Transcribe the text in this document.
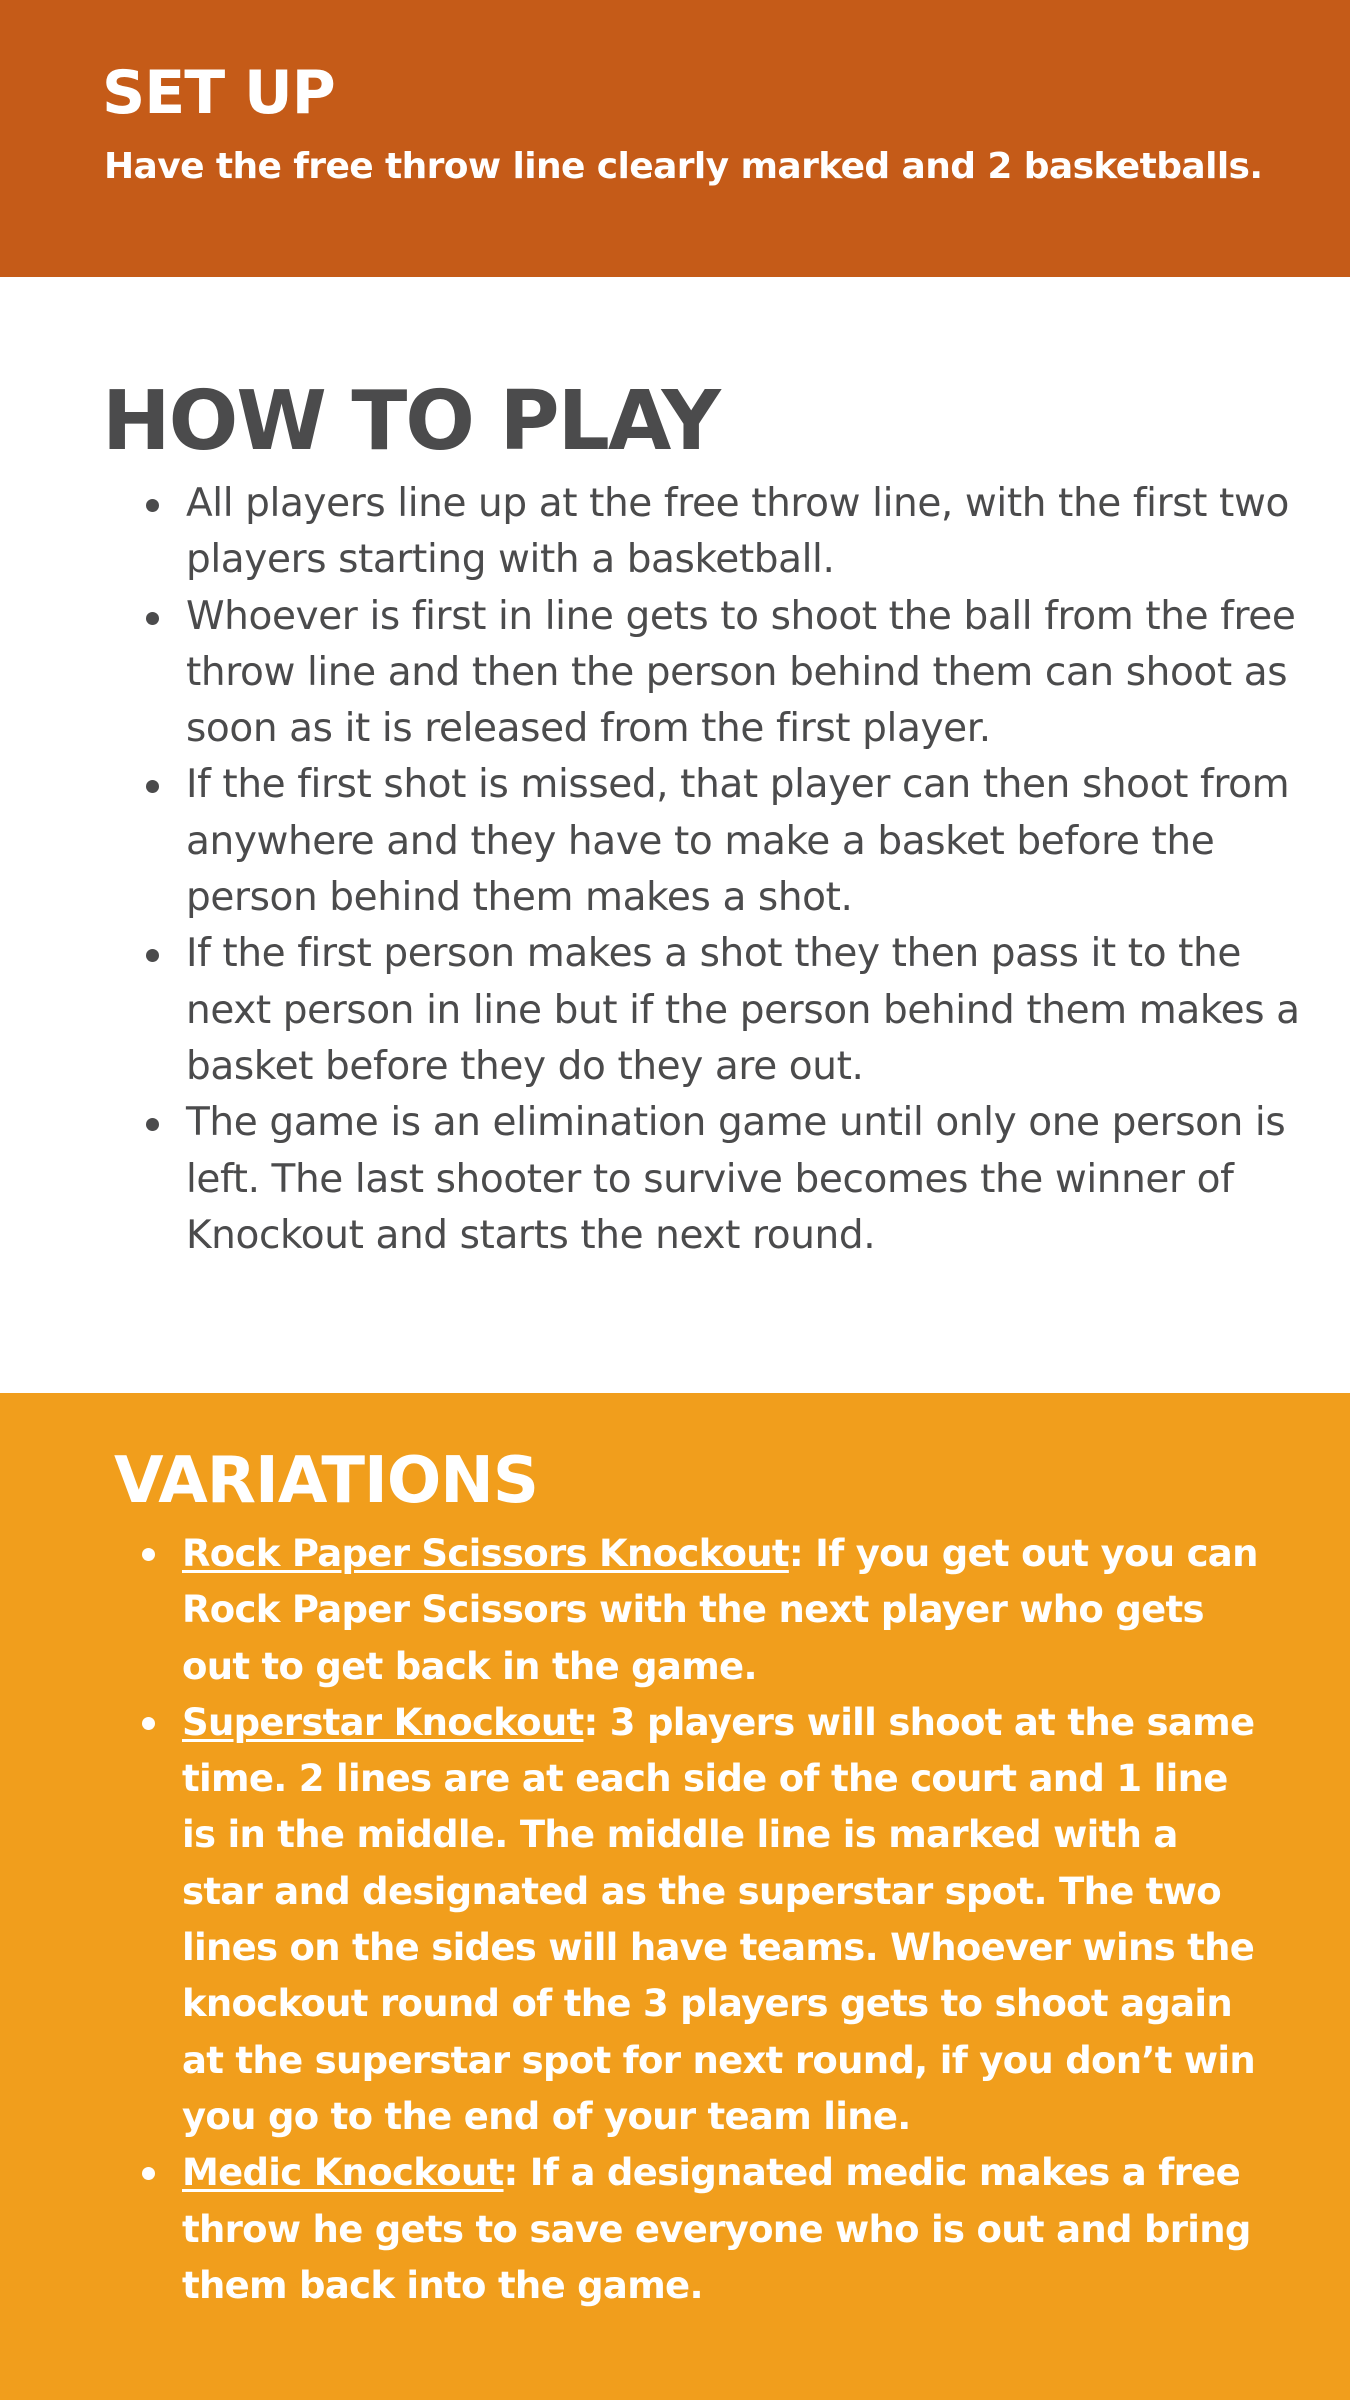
SET UP

Have the free throw line clearly marked and 2 basketballs.

HOW TO PLAY
All players line up at the free throw line, with the first two players starting with a basketball.
Whoever is first in line gets to shoot the ball from the free throw line and then the person behind them can shoot as soon as it is released from the first player.
If the first shot is missed, that player can then shoot from anywhere and they have to make a basket before the person behind them makes a shot.
If the first person makes a shot they then pass it to the next person in line but if the person behind them makes a basket before they do they are out.
The game is an elimination game until only one person is left. The last shooter to survive becomes the winner of Knockout and starts the next round.
VARIATIONS
Rock Paper Scissors Knockout: If you get out you can Rock Paper Scissors with the next player who gets out to get back in the game.
Superstar Knockout: 3 players will shoot at the same time. 2 lines are at each side of the court and 1 line is in the middle. The middle line is marked with a star and designated as the superstar spot. The two lines on the sides will have teams. Whoever wins the knockout round of the 3 players gets to shoot again at the superstar spot for next round, if you don’t win you go to the end of your team line.
Medic Knockout: If a designated medic makes a free throw he gets to save everyone who is out and bring them back into the game.
